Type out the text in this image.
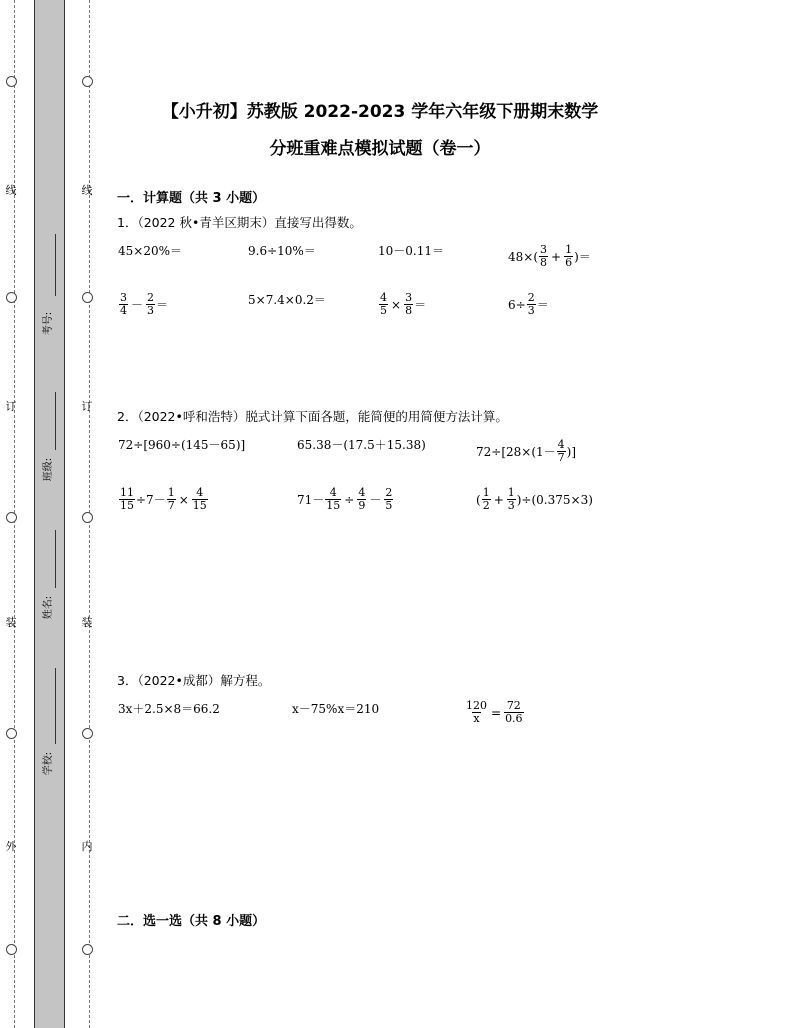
线
订
装
外
线
订
装
内
考号:
班级:
姓名:
学校:
【小升初】苏教版 2022-2023 学年六年级下册期末数学
分班重难点模拟试题（卷一）
一．计算题（共 3 小题）
1．（2022 秋•青羊区期末）直接写出得数。
45×20%＝	9.6÷10%＝	10－0.11＝	$48\times( \frac{3}{8} + \frac{1}{6}$ )＝
$\frac{3}{4} - \frac{2}{3}$ ＝	5×7.4×0.2＝	$\frac{4}{5} \times \frac{3}{8}$ ＝	$6\div \frac{2}{3}$ ＝
2．（2022•呼和浩特）脱式计算下面各题，能简便的用简便方法计算。
72÷[960÷(145－65)]	65.38－(17.5＋15.38)	$72\div[28\times(1- \frac{4}{7}$ )]
$\frac{11}{15} \div 7- \frac{1}{7} \times \frac{4}{15}$	$71- \frac{4}{15} \div \frac{4}{9} - \frac{2}{5}$	( $\frac{1}{2} + \frac{1}{3} )\div(0.375\times 3)$
3．（2022•成都）解方程。
3x＋2.5×8＝66.2	x－75%x＝210	$\frac{120}{x} = \frac{72}{0.6}$
二．选一选（共 8 小题）
